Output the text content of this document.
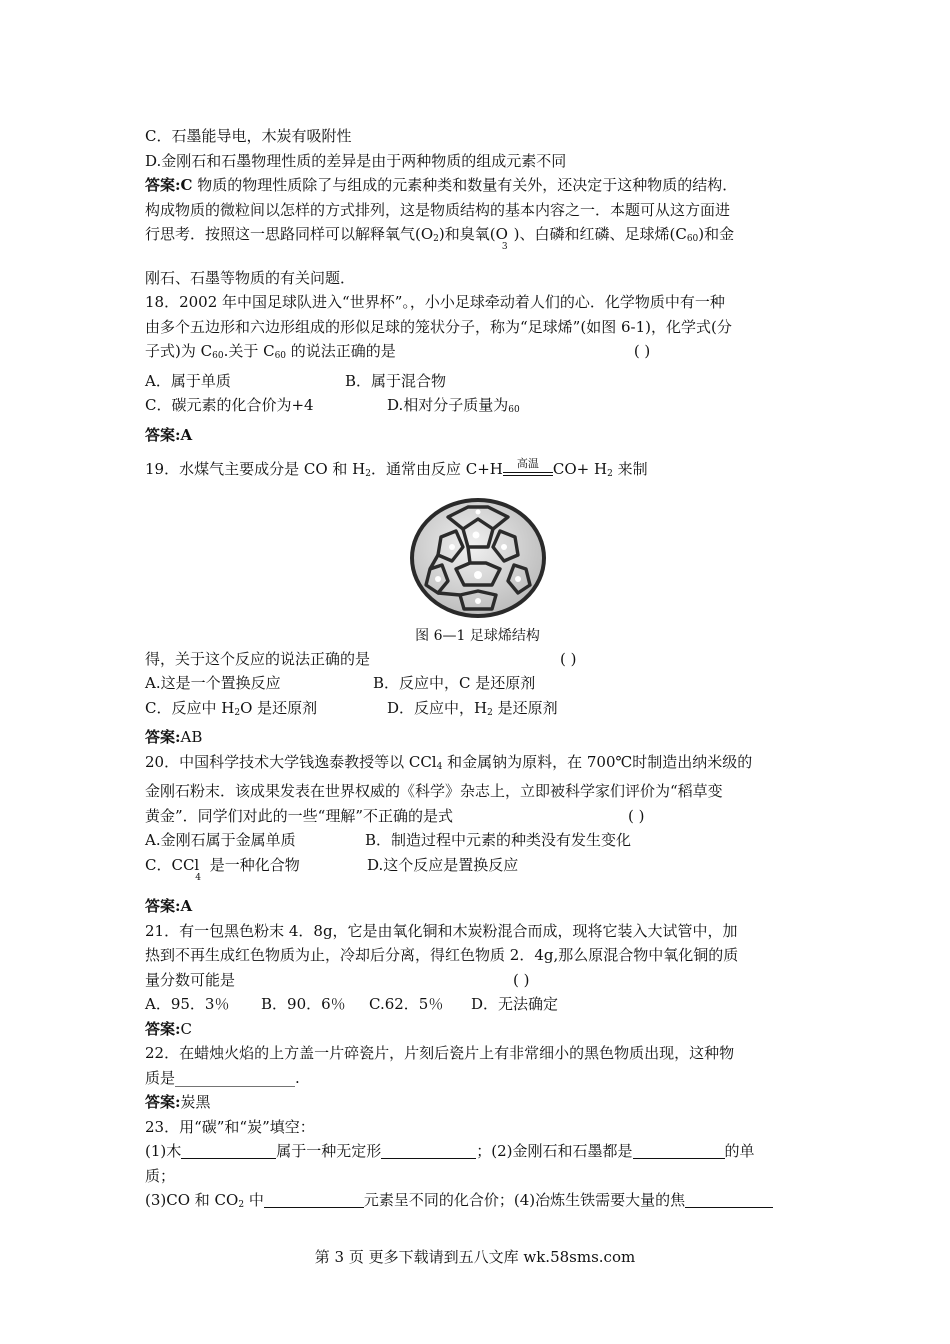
C．石墨能导电，木炭有吸附性
D.金刚石和石墨物理性质的差异是由于两种物质的组成元素不同
答案:C 物质的物理性质除了与组成的元素种类和数量有关外，还决定于这种物质的结构．
构成物质的微粒间以怎样的方式排列，这是物质结构的基本内容之一．本题可从这方面进
行思考．按照这一思路同样可以解释氧气$(O_2)$和臭氧$(O_3)$、白磷和红磷、足球烯$(C_{60})$和金
刚石、石墨等物质的有关问题．
18．2002 年中国足球队进入“世界杯”。，小小足球牵动着人们的心．化学物质中有一种
由多个五边形和六边形组成的形似足球的笼状分子，称为“足球烯”(如图 6-1)，化学式(分
子式)为 $C_{60}$.关于 $C_{60}$ 的说法正确的是	( )
A．属于单质	B．属于混合物
C．碳元素的化合价为+4	D.相对分子质量为$_{60}$
答案:A
19．水煤气主要成分是 CO 和 $H_2$．通常由反应 C+H	高温 $CO+ H_2$ 来制
图 6—1 足球烯结构
得，关于这个反应的说法正确的是	( )
A.这是一个置换反应	B．反应中，C 是还原剂
C．反应中 $H_2O$ 是还原剂	D．反应中，$H_2$ 是还原剂
答案:AB
20．中国科学技术大学钱逸泰教授等以 CCl$_4$ 和金属钠为原料，在 700℃时制造出纳米级的
金刚石粉末．该成果发表在世界权威的《科学》杂志上，立即被科学家们评价为“稻草变
黄金”．同学们对此的一些“理解”不正确的是式	( )
A.金刚石属于金属单质	B．制造过程中元素的种类没有发生变化
C．CCl$_4$ 是一种化合物	D.这个反应是置换反应
答案:A
21．有一包黑色粉末 4．8g，它是由氧化铜和木炭粉混合而成，现将它装入大试管中，加
热到不再生成红色物质为止，冷却后分离，得红色物质 2．4g,那么原混合物中氧化铜的质
量分数可能是	( )
A．95．3％	B．90．6％	C.62．5％	D．无法确定
答案:C
22．在蜡烛火焰的上方盖一片碎瓷片，片刻后瓷片上有非常细小的黑色物质出现，这种物
质是________________.
答案:炭黑
23．用“碳”和“炭”填空：
(1)木	属于一种无定形	；(2)金刚石和石墨都是	的单
质；
(3)CO 和 $CO_2$ 中	元素呈不同的化合价；(4)冶炼生铁需要大量的焦
第 3 页 更多下载请到五八文库 wk.58sms.com
